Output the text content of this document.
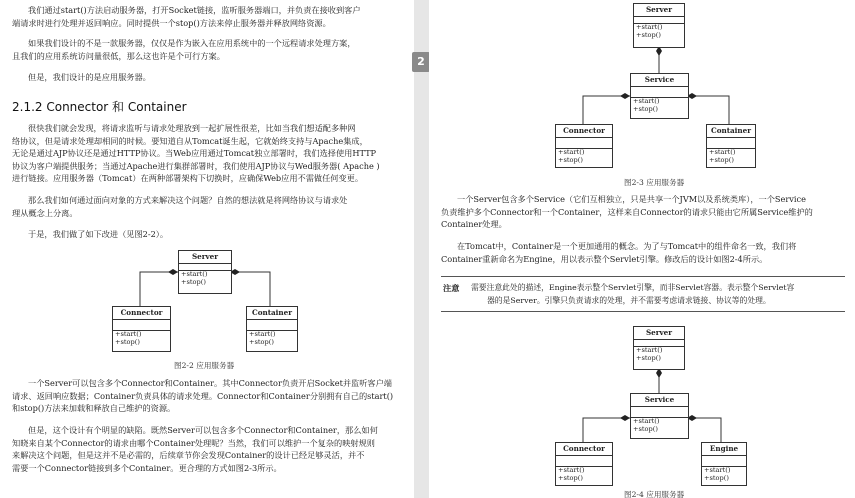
我们通过start()方法启动服务器，打开Socket链接，监听服务器端口，并负责在接收到客户
端请求时进行处理并返回响应。同时提供一个stop()方法来停止服务器并释放网络资源。

如果我们设计的不是一款服务器，仅仅是作为嵌入在应用系统中的一个远程请求处理方案，
且我们的应用系统访问量很低，那么这也许是个可行方案。

但是，我们设计的是应用服务器。

2.1.2 Connector 和 Container

很快我们就会发现，将请求监听与请求处理放到一起扩展性很差，比如当我们想适配多种网
络协议，但是请求处理却相同的时候。要知道自从Tomcat诞生起，它就始终支持与Apache集成，
无论是通过AJP协议还是通过HTTP协议。当Web应用通过Tomcat独立部署时，我们选择使用HTTP
协议为客户端提供服务；当通过Apache进行集群部署时，我们使用AJP协议与Wed服务器( Apache )
进行链接。应用服务器（Tomcat）在两种部署架构下切换时，应确保Web应用不需做任何变更。

那么我们如何通过面向对象的方式来解决这个问题？自然的想法就是将网络协议与请求处
理从概念上分离。

于是，我们做了如下改进（见图2-2）。

Server
+start()
+stop()
Connector
+start()
+stop()
Container
+start()
+stop()
图2-2 应用服务器

一个Server可以包含多个Connector和Container。其中Connector负责开启Socket并监听客户端
请求、返回响应数据；Container负责具体的请求处理。Connector和Container分别拥有自己的start()
和stop()方法来加载和释放自己维护的资源。

但是，这个设计有个明显的缺陷。既然Server可以包含多个Connector和Container，那么如何
知晓来自某个Connector的请求由哪个Container处理呢？当然，我们可以维护一个复杂的映射规则
来解决这个问题，但是这并不是必需的，后续章节你会发现Container的设计已经足够灵活，并不
需要一个Connector链接到多个Container。更合理的方式如图2-3所示。

2
Server
+start()
+stop()
Service
+start()
+stop()
Connector
+start()
+stop()
Container
+start()
+stop()
图2-3 应用服务器

一个Server包含多个Service（它们互相独立，只是共享一个JVM以及系统类库），一个Service
负责维护多个Connector和一个Container，这样来自Connector的请求只能由它所属Service维护的
Container处理。

在Tomcat中，Container是一个更加通用的概念。为了与Tomcat中的组件命名一致，我们将
Container重新命名为Engine，用以表示整个Servlet引擎。修改后的设计如图2-4所示。

注意 需要注意此处的描述，Engine表示整个Servlet引擎，而非Servlet容器。表示整个Servlet容
器的是Server。引擎只负责请求的处理，并不需要考虑请求链接、协议等的处理。

Server
+start()
+stop()
Service
+start()
+stop()
Connector
+start()
+stop()
Engine
+start()
+stop()
图2-4 应用服务器
